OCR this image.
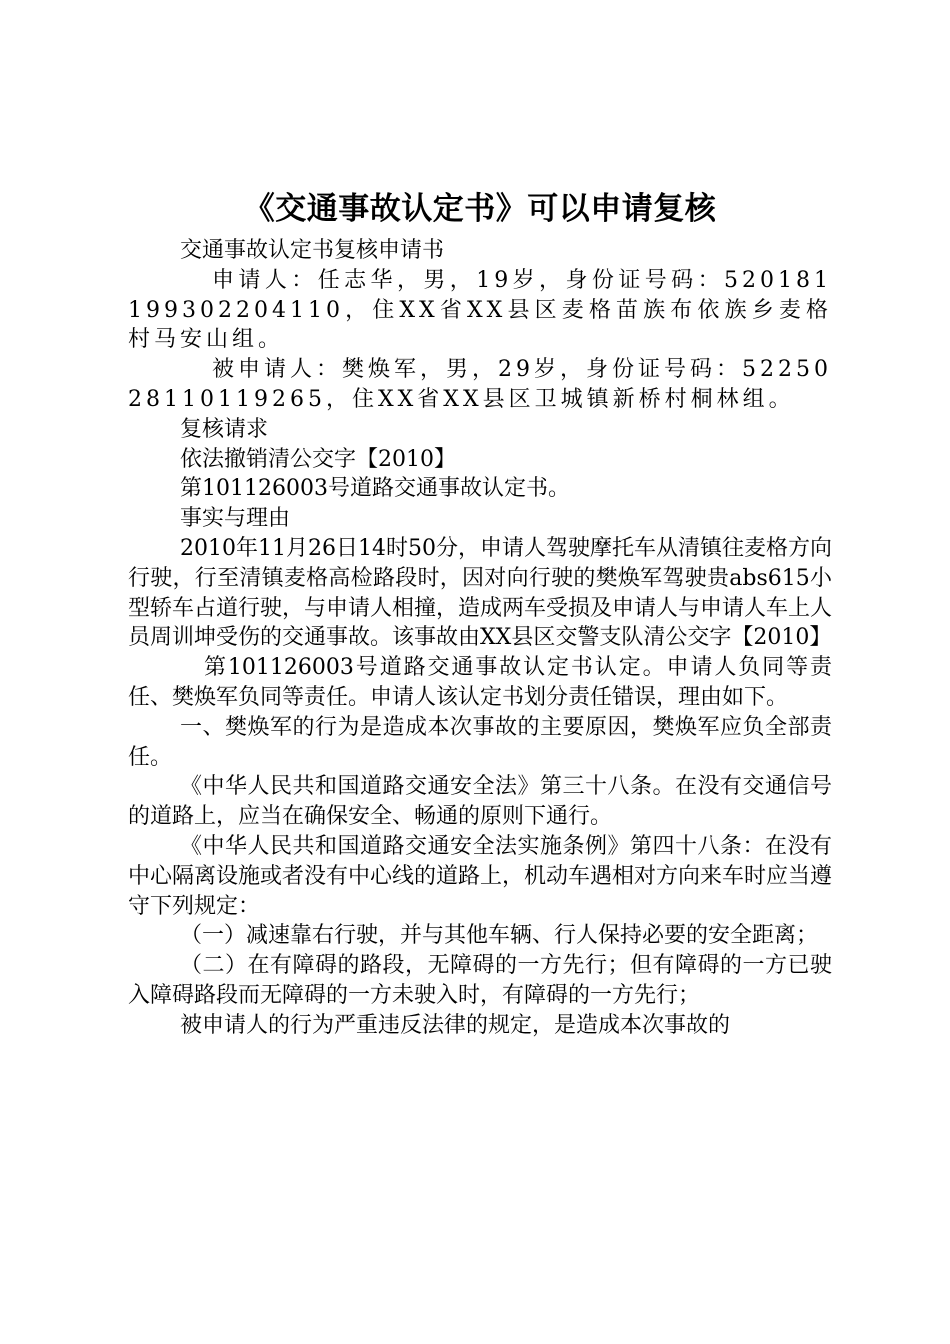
《交通事故认定书》可以申请复核

交通事故认定书复核申请书

申请人：任志华，男，19岁，身份证号码：520181199302204110，住XX省XX县区麦格苗族布依族乡麦格村马安山组。

被申请人：樊焕军，男，29岁，身份证号码：5225028110119265，住XX省XX县区卫城镇新桥村桐林组。

复核请求

依法撤销清公交字【2010】

第101126003号道路交通事故认定书。

事实与理由

2010年11月26日14时50分，申请人驾驶摩托车从清镇往麦格方向行驶，行至清镇麦格高检路段时，因对向行驶的樊焕军驾驶贵abs615小型轿车占道行驶，与申请人相撞，造成两车受损及申请人与申请人车上人员周训坤受伤的交通事故。该事故由XX县区交警支队清公交字【2010】

第101126003号道路交通事故认定书认定。申请人负同等责任、樊焕军负同等责任。申请人该认定书划分责任错误，理由如下。

一、樊焕军的行为是造成本次事故的主要原因，樊焕军应负全部责任。

《中华人民共和国道路交通安全法》第三十八条。在没有交通信号的道路上，应当在确保安全、畅通的原则下通行。

《中华人民共和国道路交通安全法实施条例》第四十八条：在没有中心隔离设施或者没有中心线的道路上，机动车遇相对方向来车时应当遵守下列规定：

（一）减速靠右行驶，并与其他车辆、行人保持必要的安全距离；

（二）在有障碍的路段，无障碍的一方先行；但有障碍的一方已驶入障碍路段而无障碍的一方未驶入时，有障碍的一方先行；

被申请人的行为严重违反法律的规定，是造成本次事故的
